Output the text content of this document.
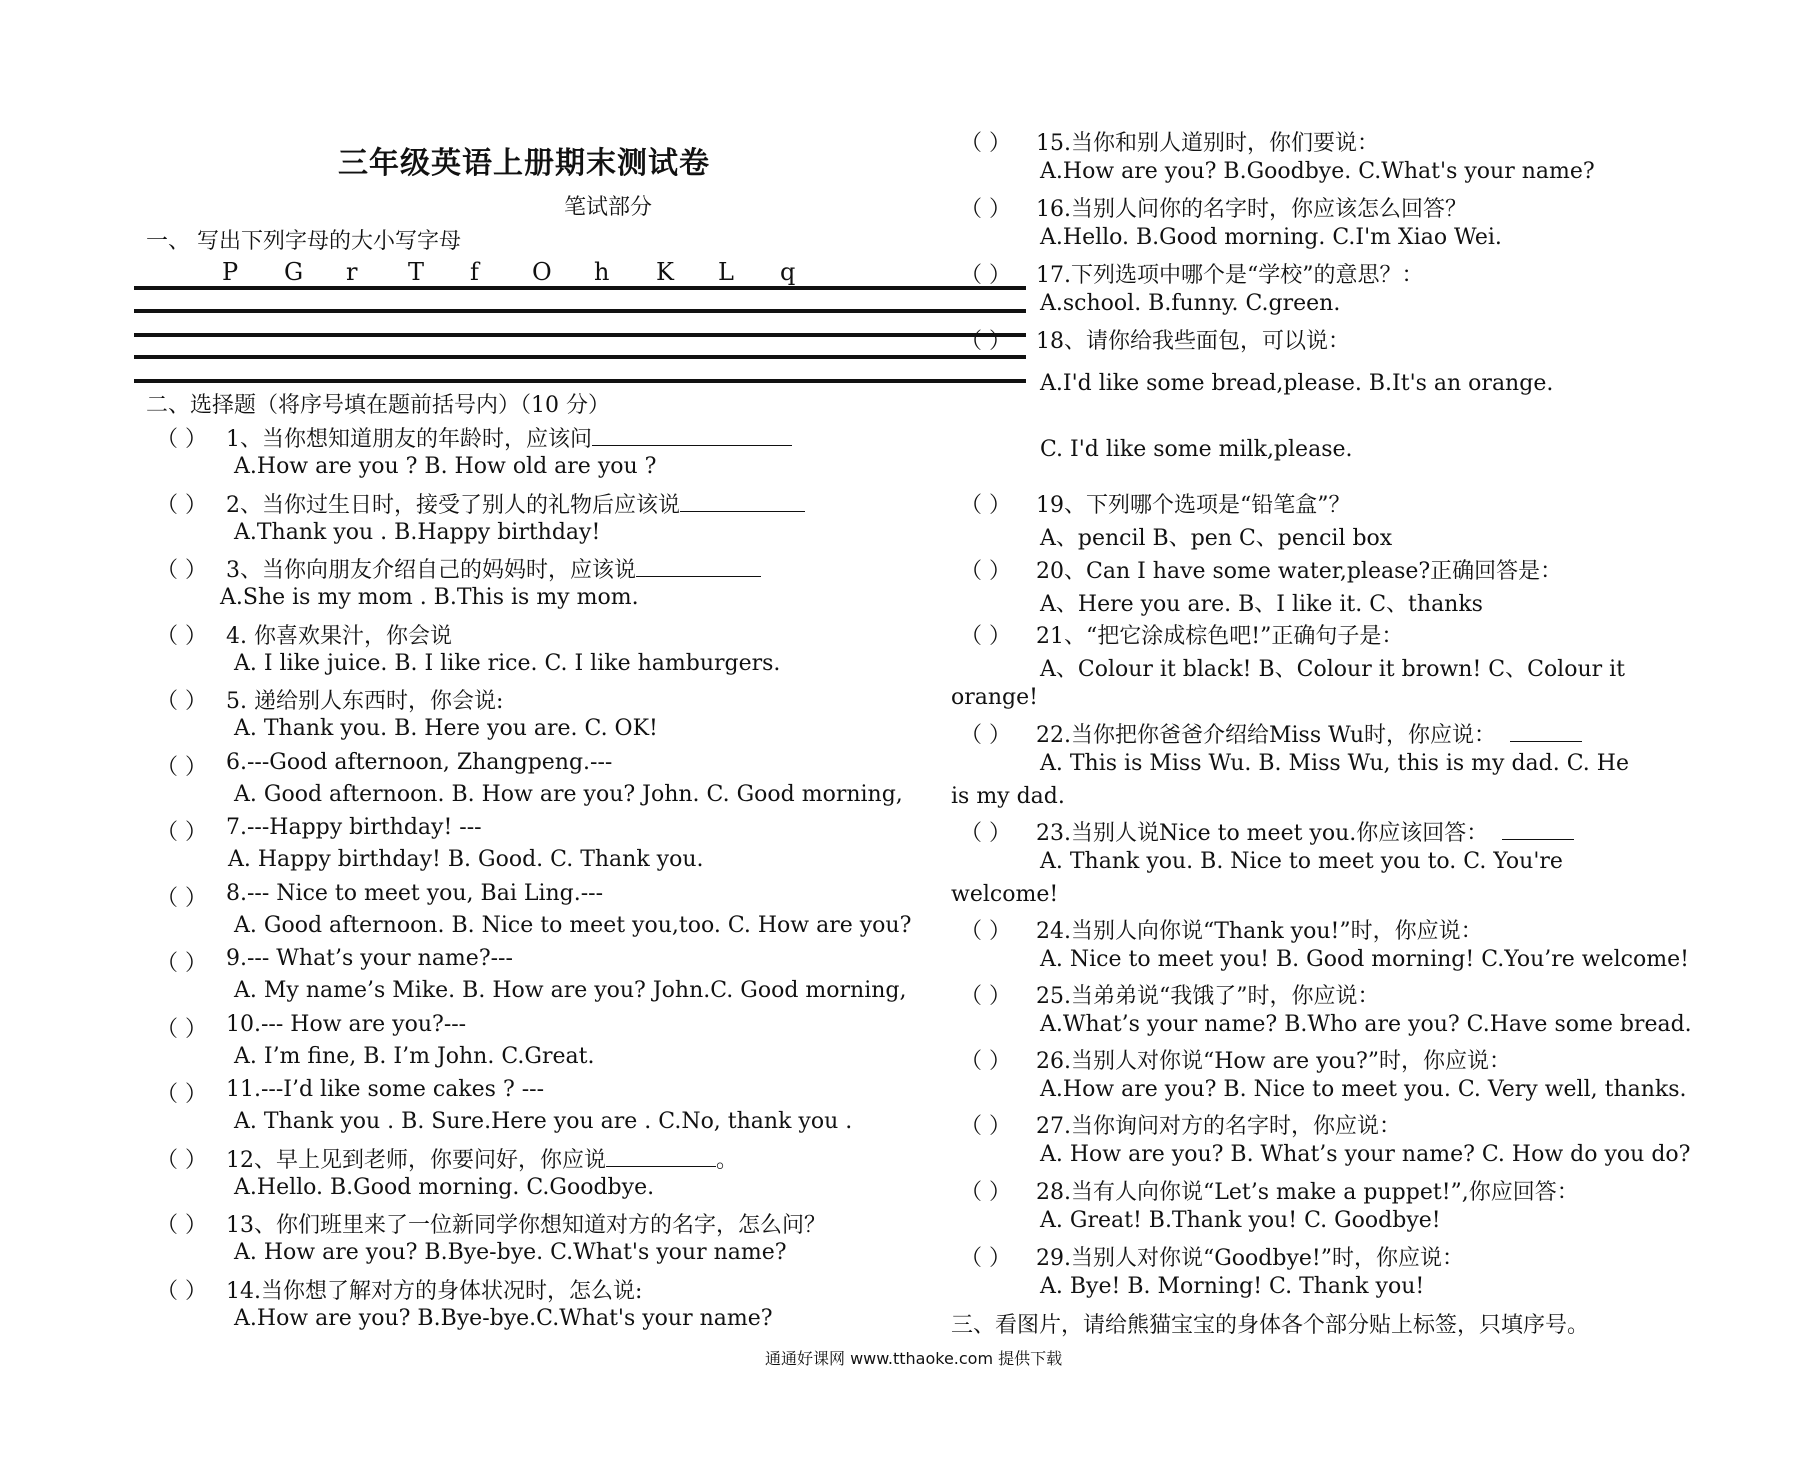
三年级英语上册期末测试卷
笔试部分
一、 写出下列字母的大小写字母
P G r T f O h K L q
二、选择题（将序号填在题前括号内）（10 分）
（ ） 1、当你想知道朋友的年龄时，应该问
A.How are you ? B. How old are you ?
（ ） 2、当你过生日时，接受了别人的礼物后应该说
A.Thank you . B.Happy birthday!
（ ） 3、当你向朋友介绍自己的妈妈时，应该说
A.She is my mom . B.This is my mom.
（ ） 4. 你喜欢果汁，你会说
A. I like juice. B. I like rice. C. I like hamburgers.
（ ） 5. 递给别人东西时，你会说:
A. Thank you. B. Here you are. C. OK!
（ ） 6.---Good afternoon, Zhangpeng.---
A. Good afternoon. B. How are you? John. C. Good morning,
（ ） 7.---Happy birthday! ---
A. Happy birthday! B. Good. C. Thank you.
（ ） 8.--- Nice to meet you, Bai Ling.---
A. Good afternoon. B. Nice to meet you,too. C. How are you?
（ ） 9.--- What’s your name?---
A. My name’s Mike. B. How are you? John.C. Good morning,
（ ） 10.--- How are you?---
A. I’m fine, B. I’m John. C.Great.
（ ） 11.---I’d like some cakes ? ---
A. Thank you . B. Sure.Here you are . C.No, thank you .
（ ） 12、早上见到老师，你要问好，你应说	。
A.Hello. B.Good morning. C.Goodbye.
（ ） 13、你们班里来了一位新同学你想知道对方的名字，怎么问？
A. How are you? B.Bye-bye. C.What's your name?
（ ） 14.当你想了解对方的身体状况时，怎么说:
A.How are you? B.Bye-bye.C.What's your name?
（ ） 15.当你和别人道别时，你们要说：
A.How are you? B.Goodbye. C.What's your name?
（ ） 16.当别人问你的名字时，你应该怎么回答？
A.Hello. B.Good morning. C.I'm Xiao Wei.
（ ） 17.下列选项中哪个是“学校”的意思？：
A.school. B.funny. C.green.
（ ） 18、请你给我些面包，可以说：
A.I'd like some bread,please. B.It's an orange.
C. I'd like some milk,please.
（ ） 19、下列哪个选项是“铅笔盒”？
A、pencil B、pen C、pencil box
（ ） 20、Can I have some water,please?正确回答是：
A、Here you are. B、I like it. C、thanks
（ ） 21、“把它涂成棕色吧!”正确句子是：
A、Colour it black! B、Colour it brown! C、Colour it
orange!
（ ） 22.当你把你爸爸介绍给Miss Wu时，你应说：
A. This is Miss Wu. B. Miss Wu, this is my dad. C. He
is my dad.
（ ） 23.当别人说Nice to meet you.你应该回答：
A. Thank you. B. Nice to meet you to. C. You're
welcome!
（ ） 24.当别人向你说“Thank you!”时，你应说：
A. Nice to meet you! B. Good morning! C.You’re welcome!
（ ） 25.当弟弟说“我饿了”时，你应说：
A.What’s your name? B.Who are you? C.Have some bread.
（ ） 26.当别人对你说“How are you?”时，你应说：
A.How are you? B. Nice to meet you. C. Very well, thanks.
（ ） 27.当你询问对方的名字时，你应说：
A. How are you? B. What’s your name? C. How do you do?
（ ） 28.当有人向你说“Let’s make a puppet!”,你应回答：
A. Great! B.Thank you! C. Goodbye!
（ ） 29.当别人对你说“Goodbye!”时，你应说：
A. Bye! B. Morning! C. Thank you!
三、看图片，请给熊猫宝宝的身体各个部分贴上标签，只填序号。
通通好课网 www.tthaoke.com 提供下载
